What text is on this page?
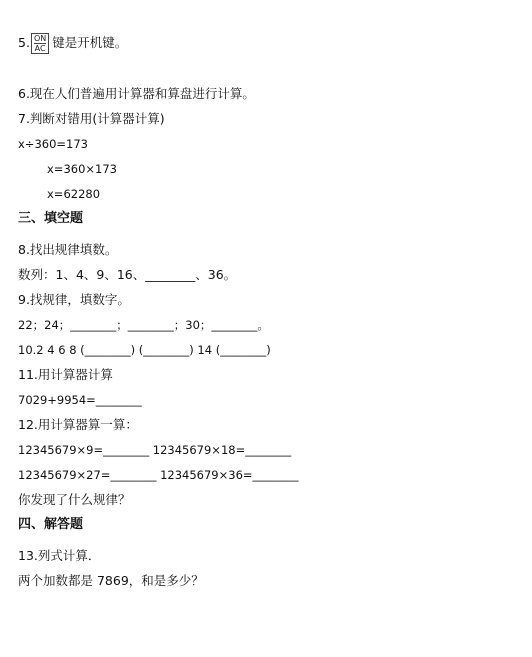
5. $\frac{ON}{AC}$ 键是开机键。
6.现在人们普遍用计算器和算盘进行计算。
7.判断对错用(计算器计算)
x÷360=173
x=360×173
x=62280
三、填空题
8.找出规律填数。
数列：1、4、9、16、________、36。
9.找规律，填数字。
22；24；________；________；30；________。
10.2 4 6 8 (________) (________) 14 (________)
11.用计算器计算
7029+9954=________
12.用计算器算一算：
12345679×9=________ 12345679×18=________
12345679×27=________ 12345679×36=________
你发现了什么规律？
四、解答题
13.列式计算．
两个加数都是 7869，和是多少？
